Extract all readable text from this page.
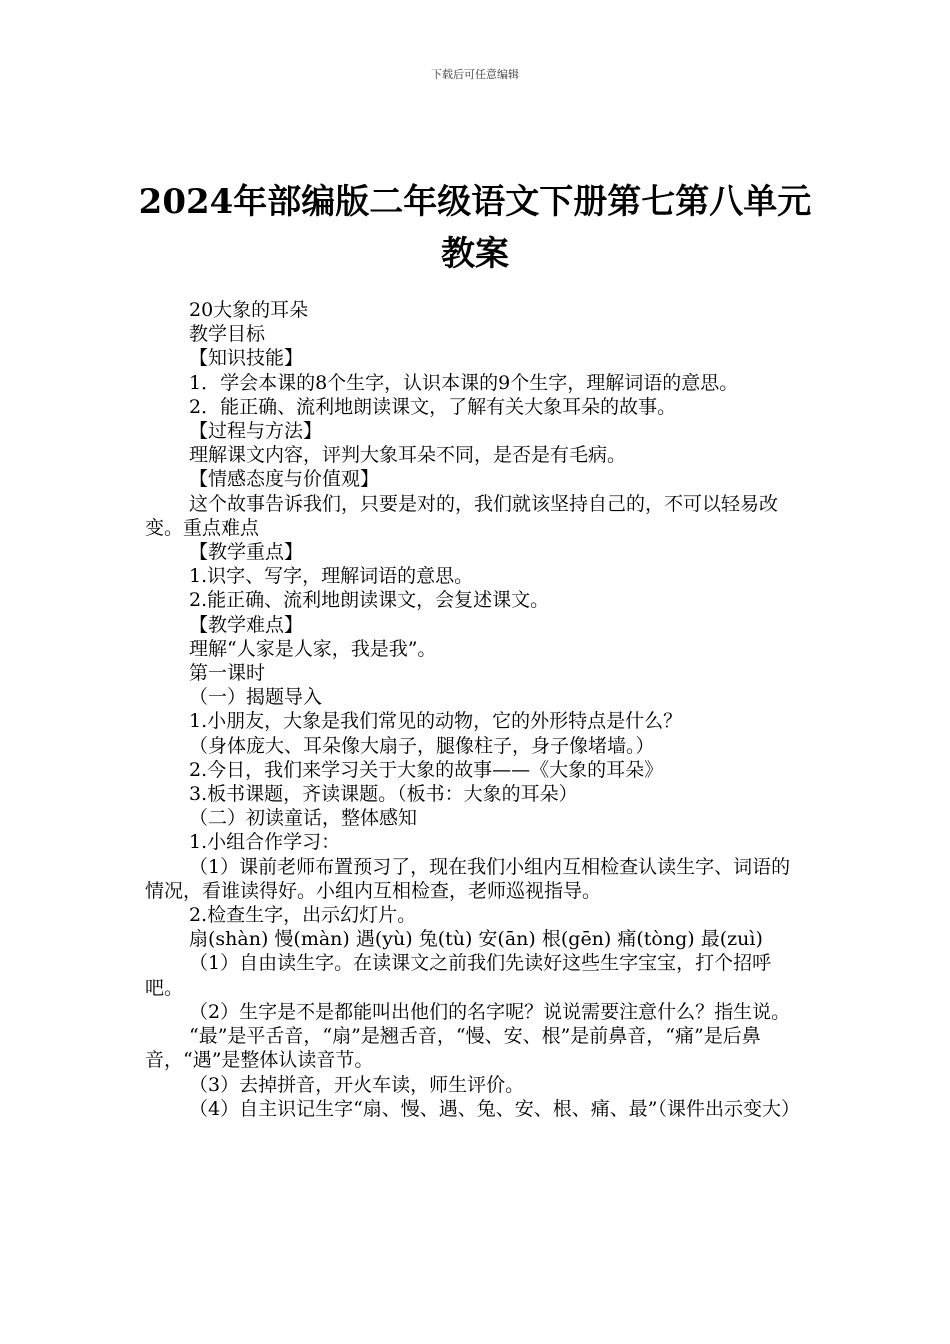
下载后可任意编辑
2024年部编版二年级语文下册第七第八单元教案

20大象的耳朵

教学目标

【知识技能】

1．学会本课的8个生字，认识本课的9个生字，理解词语的意思。

2．能正确、流利地朗读课文，了解有关大象耳朵的故事。

【过程与方法】

理解课文内容，评判大象耳朵不同，是否是有毛病。

【情感态度与价值观】

这个故事告诉我们，只要是对的，我们就该坚持自己的，不可以轻易改变。重点难点

【教学重点】

1.识字、写字，理解词语的意思。

2.能正确、流利地朗读课文，会复述课文。

【教学难点】

理解“人家是人家，我是我”。

第一课时

（一）揭题导入

1.小朋友，大象是我们常见的动物，它的外形特点是什么？

（身体庞大、耳朵像大扇子，腿像柱子，身子像堵墙。）

2.今日，我们来学习关于大象的故事——《大象的耳朵》

3.板书课题，齐读课题。（板书：大象的耳朵）

（二）初读童话，整体感知

1.小组合作学习：

（1）课前老师布置预习了，现在我们小组内互相检查认读生字、词语的情况，看谁读得好。小组内互相检查，老师巡视指导。

2.检查生字，出示幻灯片。

扇(shàn) 慢(màn) 遇(yù) 兔(tù) 安(ān) 根(gēn) 痛(tòng) 最(zuì)

（1）自由读生字。在读课文之前我们先读好这些生字宝宝，打个招呼吧。

（2）生字是不是都能叫出他们的名字呢？说说需要注意什么？指生说。

“最”是平舌音，“扇”是翘舌音，“慢、安、根”是前鼻音，“痛”是后鼻音，“遇”是整体认读音节。

（3）去掉拼音，开火车读，师生评价。

（4）自主识记生字“扇、慢、遇、兔、安、根、痛、最”（课件出示变大）
